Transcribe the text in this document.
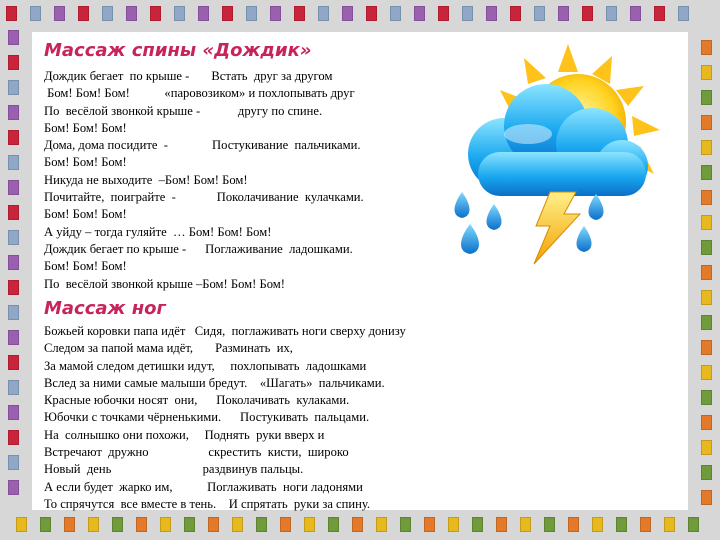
Массаж спины «Дождик»
Дождик бегает  по крыше -       Встать  друг за другом
Бом! Бом! Бом!           «паровозиком» и похлопывать друг
По  весёлой звонкой крыше -            другу по спине.
Бом! Бом! Бом!
Дома, дома посидите  -              Постукивание  пальчиками.
Бом! Бом! Бом!
Никуда не выходите  –Бом! Бом! Бом!
Почитайте,  поиграйте  -             Поколачивание  кулачками.
Бом! Бом! Бом!
А уйду – тогда гуляйте  … Бом! Бом! Бом!
Дождик бегает по крыше -      Поглаживание  ладошками.
Бом! Бом! Бом!
По  весёлой звонкой крыше –Бом! Бом! Бом!
Массаж ног
Божьей коровки папа идёт   Сидя,  поглаживать ноги сверху донизу
Следом за папой мама идёт,       Разминать  их,
За мамой следом детишки идут,     похлопывать  ладошками
Вслед за ними самые малыши бредут.    «Шагать»  пальчиками.
Красные юбочки носят  они,      Поколачивать  кулаками.
Юбочки с точками чёрненькими.      Постукивать  пальцами.
На  солнышко они похожи,     Поднять  руки вверх и
Встречают  дружно                   скрестить  кисти,  широко
Новый  день                             раздвинув пальцы.
А если будет  жарко им,           Поглаживать  ноги ладонями
То спрячутся  все вместе в тень.    И спрятать  руки за спину.
